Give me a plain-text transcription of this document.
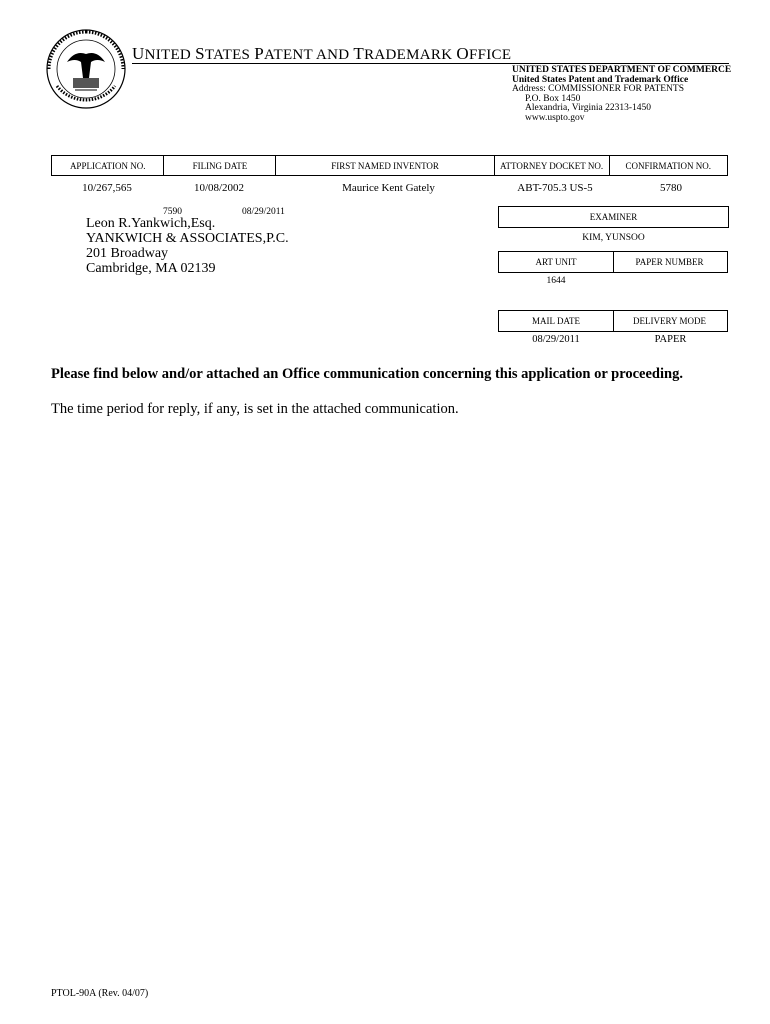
UNITED STATES PATENT AND TRADEMARK OFFICE
UNITED STATES DEPARTMENT OF COMMERCE
United States Patent and Trademark Office
Address: COMMISSIONER FOR PATENTS
P.O. Box 1450
Alexandria, Virginia 22313-1450
www.uspto.gov
APPLICATION NO.	FILING DATE	FIRST NAMED INVENTOR	ATTORNEY DOCKET NO.	CONFIRMATION NO.
10/267,565	10/08/2002	Maurice Kent Gately	ABT-705.3 US-5	5780
7590	08/29/2011
Leon R.Yankwich,Esq.
YANKWICH & ASSOCIATES,P.C.
201 Broadway
Cambridge, MA 02139
EXAMINER
KIM, YUNSOO
ART UNIT	PAPER NUMBER
1644
MAIL DATE	DELIVERY MODE
08/29/2011	PAPER
Please find below and/or attached an Office communication concerning this application or proceeding.
The time period for reply, if any, is set in the attached communication.
PTOL-90A (Rev. 04/07)
